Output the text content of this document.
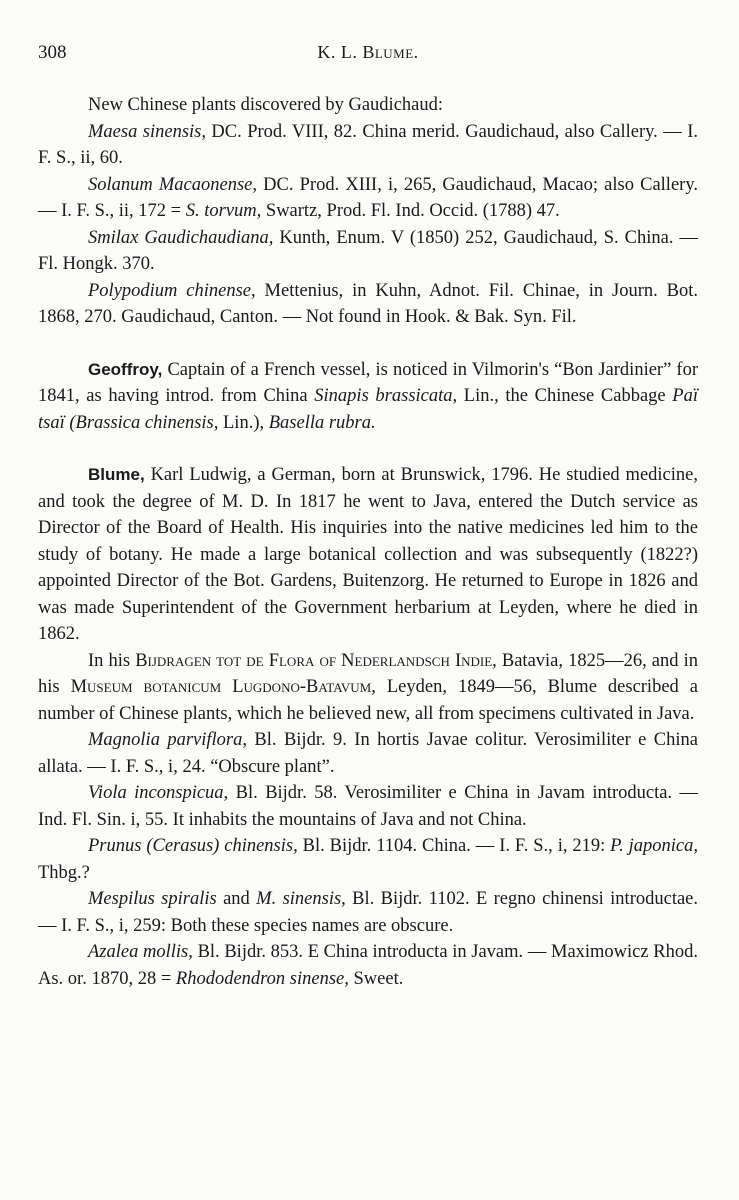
308	K. L. Blume.

New Chinese plants discovered by Gaudichaud:

Maesa sinensis, DC. Prod. VIII, 82. China merid. Gaudichaud, also Callery. — I. F. S., ii, 60.

Solanum Macaonense, DC. Prod. XIII, i, 265, Gaudichaud, Macao; also Callery. — I. F. S., ii, 172 = S. torvum, Swartz, Prod. Fl. Ind. Occid. (1788) 47.

Smilax Gaudichaudiana, Kunth, Enum. V (1850) 252, Gaudichaud, S. China. — Fl. Hongk. 370.

Polypodium chinense, Mettenius, in Kuhn, Adnot. Fil. Chinae, in Journ. Bot. 1868, 270. Gaudichaud, Canton. — Not found in Hook. & Bak. Syn. Fil.

Geoffroy, Captain of a French vessel, is noticed in Vilmorin's “Bon Jardinier” for 1841, as having introd. from China Sinapis brassicata, Lin., the Chinese Cabbage Paï tsaï (Brassica chinensis, Lin.), Basella rubra.

Blume, Karl Ludwig, a German, born at Brunswick, 1796. He studied medicine, and took the degree of M. D. In 1817 he went to Java, entered the Dutch service as Director of the Board of Health. His inquiries into the native medicines led him to the study of botany. He made a large botanical collection and was subsequently (1822?) appointed Director of the Bot. Gardens, Buitenzorg. He returned to Europe in 1826 and was made Superintendent of the Government herbarium at Leyden, where he died in 1862.

In his Bijdragen tot de Flora of Nederlandsch Indie, Batavia, 1825—26, and in his Museum botanicum Lugdono-Batavum, Leyden, 1849—56, Blume described a number of Chinese plants, which he believed new, all from specimens cultivated in Java.

Magnolia parviflora, Bl. Bijdr. 9. In hortis Javae colitur. Verosimiliter e China allata. — I. F. S., i, 24. “Obscure plant”.

Viola inconspicua, Bl. Bijdr. 58. Verosimiliter e China in Javam introducta. — Ind. Fl. Sin. i, 55. It inhabits the mountains of Java and not China.

Prunus (Cerasus) chinensis, Bl. Bijdr. 1104. China. — I. F. S., i, 219: P. japonica, Thbg.?

Mespilus spiralis and M. sinensis, Bl. Bijdr. 1102. E regno chinensi introductae. — I. F. S., i, 259: Both these species names are obscure.

Azalea mollis, Bl. Bijdr. 853. E China introducta in Javam. — Maximowicz Rhod. As. or. 1870, 28 = Rhododendron sinense, Sweet.
